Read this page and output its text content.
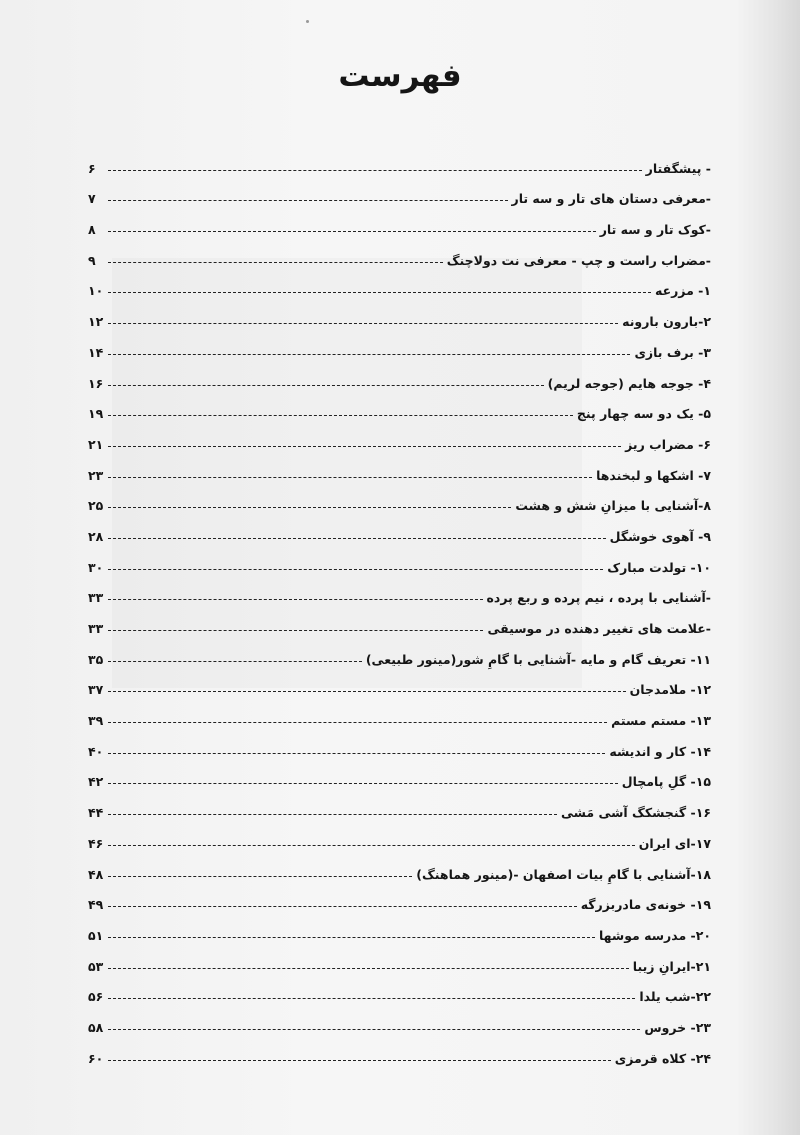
فهرست
- پیشگفتار
۶
-معرفی دستان های تار و سه تار
۷
-کوک تار و سه تار
۸
-مضراب راست و چپ - معرفی نت دولاچنگ
۹
۱- مزرعه
۱۰
۲-بارون بارونه
۱۲
۳- برف بازی
۱۴
۴- جوجه هایم (جوجه لریم)
۱۶
۵- یک دو سه چهار پنج
۱۹
۶- مضراب ریز
۲۱
۷- اشکها و لبخندها
۲۳
۸-آشنایی با میزانِ شش و هشت
۲۵
۹- آهوی خوشگل
۲۸
۱۰- تولدت مبارک
۳۰
-آشنایی با پرده ، نیم پرده و ربع پرده
۳۳
-علامت های تغییر دهنده در موسیقی
۳۳
۱۱- تعریف گام و مایه -آشنایی با گامِ شور(مینور طبیعی)
۳۵
۱۲- ملامدجان
۳۷
۱۳- مستم مستم
۳۹
۱۴- کار و اندیشه
۴۰
۱۵- گلِ پامچال
۴۲
۱۶- گنجشکگ آشی مَشی
۴۴
۱۷-ای ایران
۴۶
۱۸-آشنایی با گامِ بیات اصفهان -(مینور هماهنگ)
۴۸
۱۹- خونه‌ی مادربزرگه
۴۹
۲۰- مدرسه موشها
۵۱
۲۱-ایرانِ زیبا
۵۳
۲۲-شب یلدا
۵۶
۲۳- خروس
۵۸
۲۴- کلاه قرمزی
۶۰
